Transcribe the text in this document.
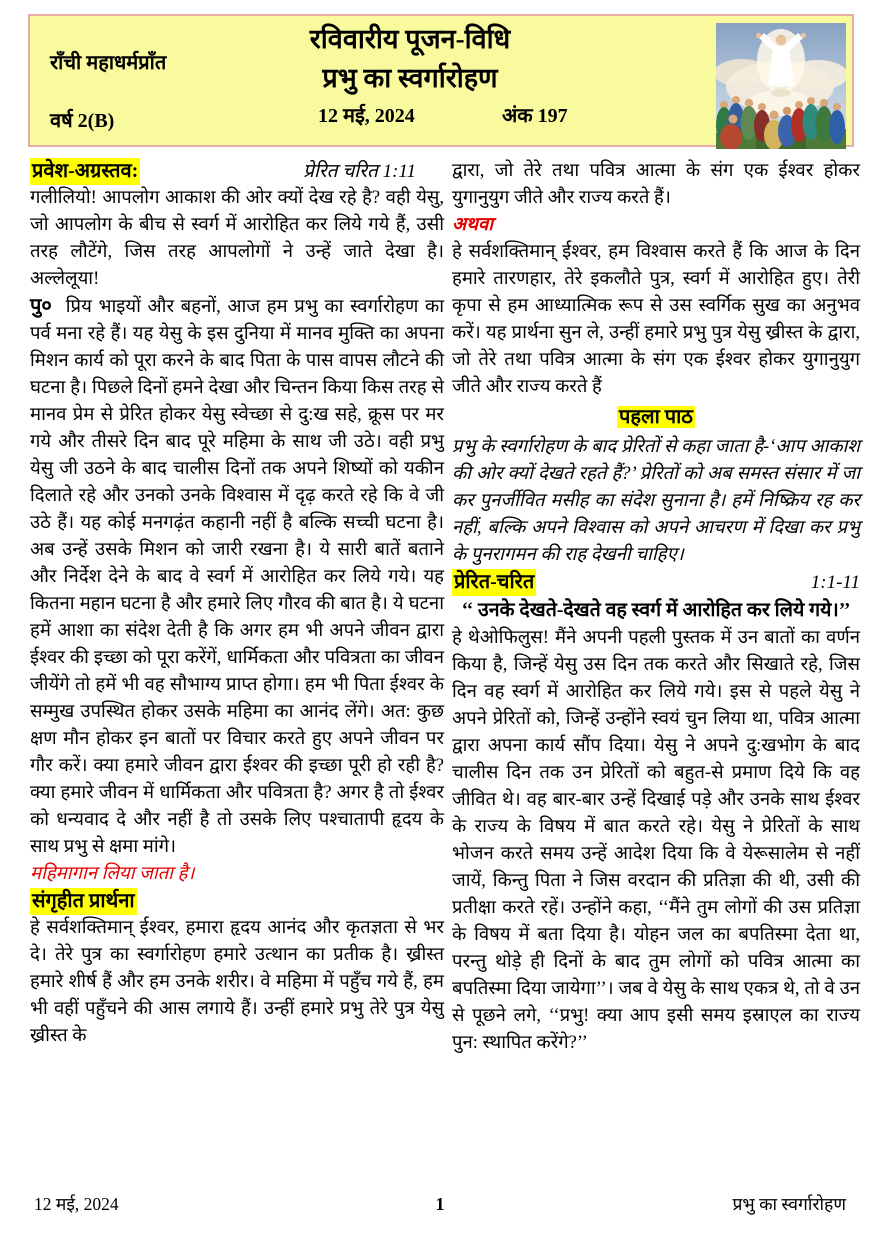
राँची महाधर्मप्राँत
वर्ष 2(B)
रविवारीय पूजन-विधि
प्रभु का स्वर्गारोहण
12 मई, 2024	अंक 197
प्रवेश-अग्रस्तव:	प्रेरित चरित 1:11

गलीलियो! आपलोग आकाश की ओर क्यों देख रहे है? वही येसु, जो आपलोग के बीच से स्वर्ग में आरोहित कर लिये गये हैं, उसी तरह लौटेंगे, जिस तरह आपलोगों ने उन्हें जाते देखा है। अल्लेलूया!

पु० प्रिय भाइयों और बहनों, आज हम प्रभु का स्वर्गारोहण का पर्व मना रहे हैं। यह येसु के इस दुनिया में मानव मुक्ति का अपना मिशन कार्य को पूरा करने के बाद पिता के पास वापस लौटने की घटना है। पिछले दिनों हमने देखा और चिन्तन किया किस तरह से मानव प्रेम से प्रेरित होकर येसु स्वेच्छा से दु:ख सहे, क्रूस पर मर गये और तीसरे दिन बाद पूरे महिमा के साथ जी उठे। वही प्रभु येसु जी उठने के बाद चालीस दिनों तक अपने शिष्यों को यकीन दिलाते रहे और उनको उनके विश्वास में दृढ़ करते रहे कि वे जी उठे हैं। यह कोई मनगढ़ंत कहानी नहीं है बल्कि सच्ची घटना है। अब उन्हें उसके मिशन को जारी रखना है। ये सारी बातें बताने और निर्देश देने के बाद वे स्वर्ग में आरोहित कर लिये गये। यह कितना महान घटना है और हमारे लिए गौरव की बात है। ये घटना हमें आशा का संदेश देती है कि अगर हम भी अपने जीवन द्वारा ईश्वर की इच्छा को पूरा करेंगें, धार्मिकता और पवित्रता का जीवन जीयेंगे तो हमें भी वह सौभाग्य प्राप्त होगा। हम भी पिता ईश्वर के सम्मुख उपस्थित होकर उसके महिमा का आनंद लेंगे। अत: कुछ क्षण मौन होकर इन बातों पर विचार करते हुए अपने जीवन पर गौर करें। क्या हमारे जीवन द्वारा ईश्वर की इच्छा पूरी हो रही है? क्या हमारे जीवन में धार्मिकता और पवित्रता है? अगर है तो ईश्वर को धन्यवाद दे और नहीं है तो उसके लिए पश्चातापी हृदय के साथ प्रभु से क्षमा मांगे।

महिमागान लिया जाता है।
संगृहीत प्रार्थना

हे सर्वशक्तिमान् ईश्वर, हमारा हृदय आनंद और कृतज्ञता से भर दे। तेरे पुत्र का स्वर्गारोहण हमारे उत्थान का प्रतीक है। ख्रीस्त हमारे शीर्ष हैं और हम उनके शरीर। वे महिमा में पहुँच गये हैं, हम भी वहीं पहुँचने की आस लगाये हैं। उन्हीं हमारे प्रभु तेरे पुत्र येसु ख्रीस्त के

द्वारा, जो तेरे तथा पवित्र आत्मा के संग एक ईश्वर होकर युगानुयुग जीते और राज्य करते हैं।

अथवा

हे सर्वशक्तिमान् ईश्वर, हम विश्वास करते हैं कि आज के दिन हमारे तारणहार, तेरे इकलौते पुत्र, स्वर्ग में आरोहित हुए। तेरी कृपा से हम आध्यात्मिक रूप से उस स्वर्गिक सुख का अनुभव करें। यह प्रार्थना सुन ले, उन्हीं हमारे प्रभु पुत्र येसु ख्रीस्त के द्वारा, जो तेरे तथा पवित्र आत्मा के संग एक ईश्वर होकर युगानुयुग जीते और राज्य करते हैं

पहला पाठ

प्रभु के स्वर्गारोहण के बाद प्रेरितों से कहा जाता है-‘आप आकाश की ओर क्यों देखते रहते हैं?’ प्रेरितों को अब समस्त संसार में जा कर पुनर्जीवित मसीह का संदेश सुनाना है। हमें निष्क्रिय रह कर नहीं, बल्कि अपने विश्वास को अपने आचरण में दिखा कर प्रभु के पुनरागमन की राह देखनी चाहिए।

प्रेरित-चरित	1:1-11
‘‘ उनके देखते-देखते वह स्वर्ग में आरोहित कर लिये गये।’’

हे थेओफिलुस! मैंने अपनी पहली पुस्तक में उन बातों का वर्णन किया है, जिन्हें येसु उस दिन तक करते और सिखाते रहे, जिस दिन वह स्वर्ग में आरोहित कर लिये गये। इस से पहले येसु ने अपने प्रेरितों को, जिन्हें उन्होंने स्वयं चुन लिया था, पवित्र आत्मा द्वारा अपना कार्य सौंप दिया। येसु ने अपने दु:खभोग के बाद चालीस दिन तक उन प्रेरितों को बहुत-से प्रमाण दिये कि वह जीवित थे। वह बार-बार उन्हें दिखाई पड़े और उनके साथ ईश्वर के राज्य के विषय में बात करते रहे। येसु ने प्रेरितों के साथ भोजन करते समय उन्हें आदेश दिया कि वे येरूसालेम से नहीं जायें, किन्तु पिता ने जिस वरदान की प्रतिज्ञा की थी, उसी की प्रतीक्षा करते रहें। उन्होंने कहा, ‘‘मैंने तुम लोगों की उस प्रतिज्ञा के विषय में बता दिया है। योहन जल का बपतिस्मा देता था, परन्तु थोड़े ही दिनों के बाद तुम लोगों को पवित्र आत्मा का बपतिस्मा दिया जायेगा’’। जब वे येसु के साथ एकत्र थे, तो वे उन से पूछने लगे, ‘‘प्रभु! क्या आप इसी समय इस्राएल का राज्य पुन: स्थापित करेंगे?’’

12 मई, 2024	1	प्रभु का स्वर्गारोहण
